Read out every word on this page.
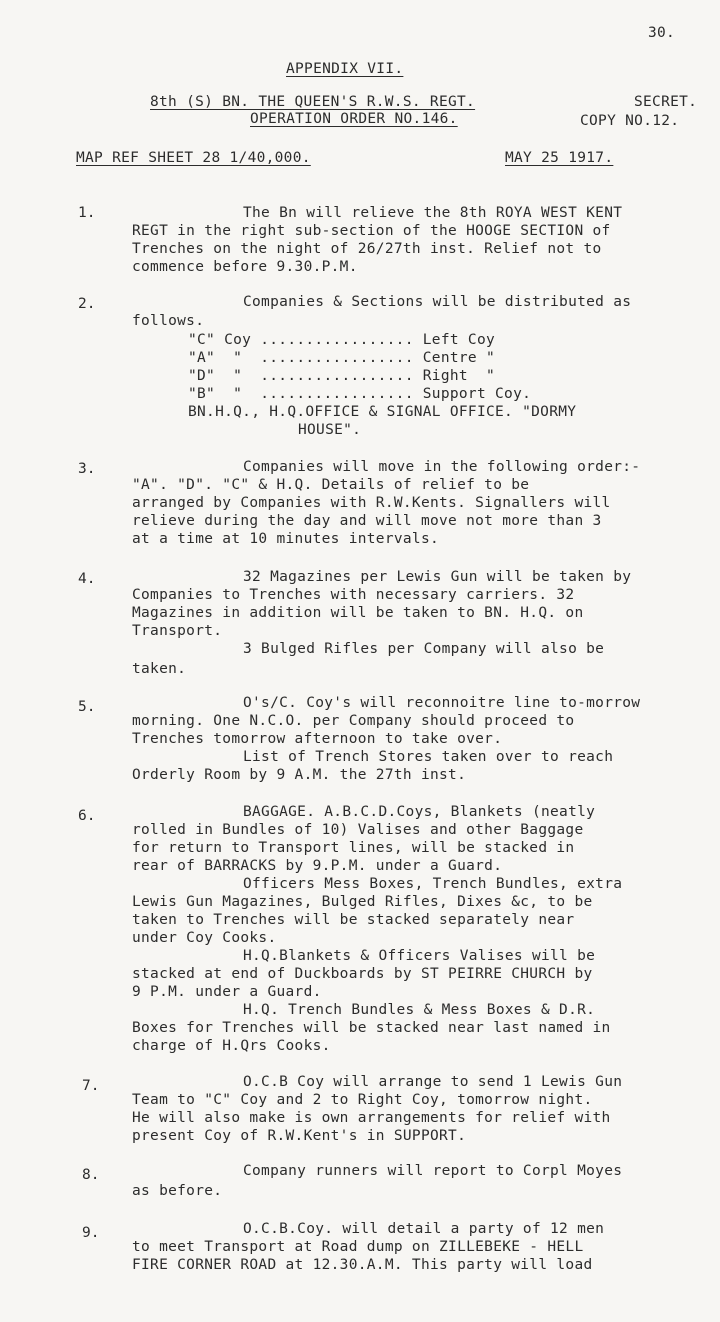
30.
APPENDIX VII.
8th (S) BN. THE QUEEN'S R.W.S. REGT.	SECRET.
OPERATION ORDER NO.146.	COPY NO.12.
MAP REF SHEET 28 1/40,000.	MAY 25 1917.
1.	The Bn will relieve the 8th ROYA WEST KENT
REGT in the right sub-section of the HOOGE SECTION of
Trenches on the night of 26/27th inst. Relief not to
commence before 9.30.P.M.
2.	Companies & Sections will be distributed as
follows.
"C" Coy ................. Left Coy
"A"  "  ................. Centre "
"D"  "  ................. Right  "
"B"  "  ................. Support Coy.
BN.H.Q., H.Q.OFFICE & SIGNAL OFFICE. "DORMY
HOUSE".
3.	Companies will move in the following order:-
"A". "D". "C" & H.Q. Details of relief to be
arranged by Companies with R.W.Kents. Signallers will
relieve during the day and will move not more than 3
at a time at 10 minutes intervals.
4.	32 Magazines per Lewis Gun will be taken by
Companies to Trenches with necessary carriers. 32
Magazines in addition will be taken to BN. H.Q. on
Transport.
3 Bulged Rifles per Company will also be
taken.
5.	O's/C. Coy's will reconnoitre line to-morrow
morning. One N.C.O. per Company should proceed to
Trenches tomorrow afternoon to take over.
List of Trench Stores taken over to reach
Orderly Room by 9 A.M. the 27th inst.
6.	BAGGAGE. A.B.C.D.Coys, Blankets (neatly
rolled in Bundles of 10) Valises and other Baggage
for return to Transport lines, will be stacked in
rear of BARRACKS by 9.P.M. under a Guard.
Officers Mess Boxes, Trench Bundles, extra
Lewis Gun Magazines, Bulged Rifles, Dixes &c, to be
taken to Trenches will be stacked separately near
under Coy Cooks.
H.Q.Blankets & Officers Valises will be
stacked at end of Duckboards by ST PEIRRE CHURCH by
9 P.M. under a Guard.
H.Q. Trench Bundles & Mess Boxes & D.R.
Boxes for Trenches will be stacked near last named in
charge of H.Qrs Cooks.
7.	O.C.B Coy will arrange to send 1 Lewis Gun
Team to "C" Coy and 2 to Right Coy, tomorrow night.
He will also make is own arrangements for relief with
present Coy of R.W.Kent's in SUPPORT.
8.	Company runners will report to Corpl Moyes
as before.
9.	O.C.B.Coy. will detail a party of 12 men
to meet Transport at Road dump on ZILLEBEKE - HELL
FIRE CORNER ROAD at 12.30.A.M. This party will load
